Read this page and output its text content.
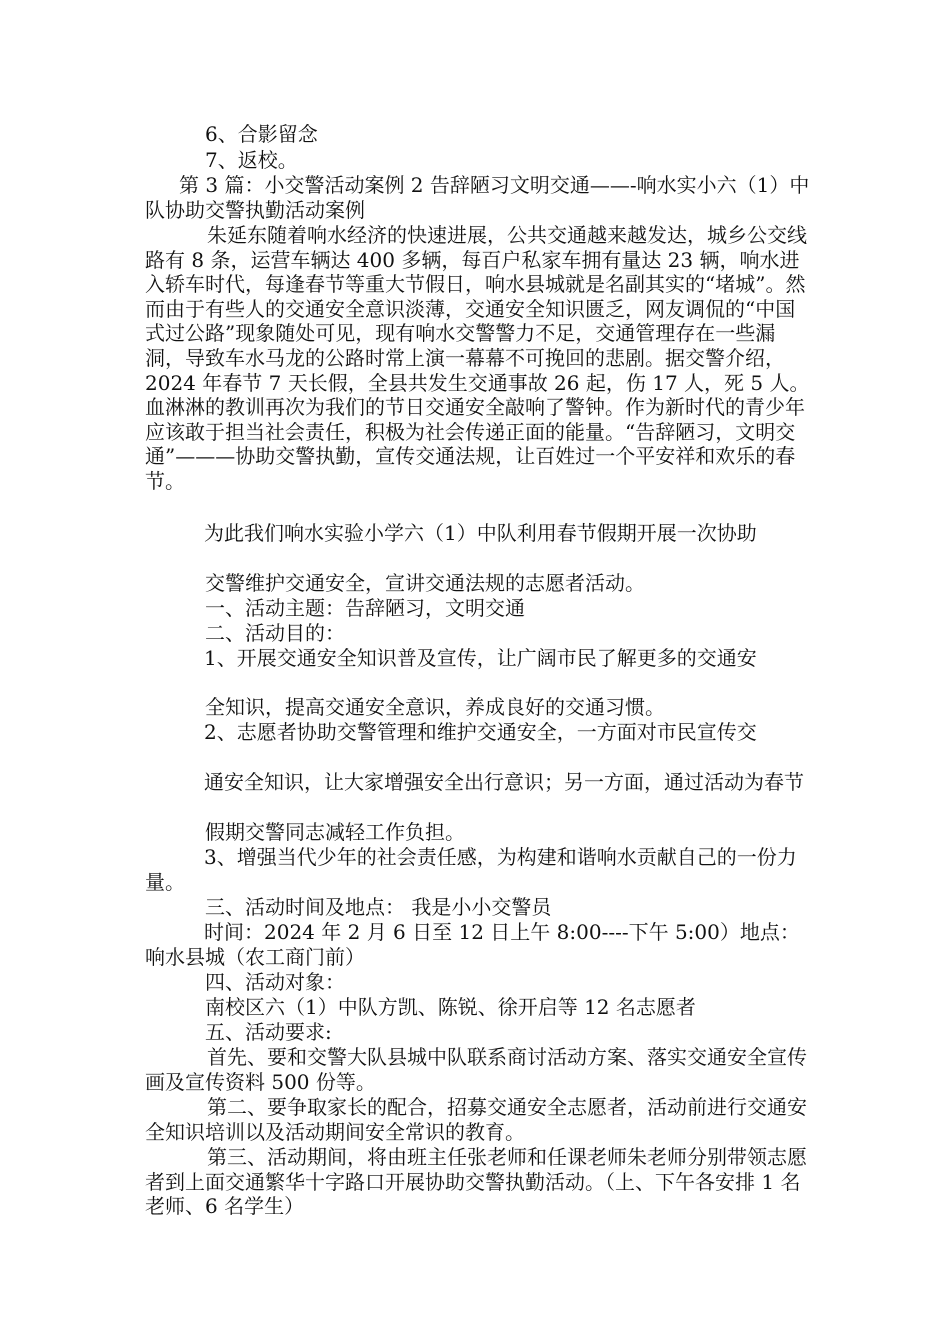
6、合影留念

7、返校。

第 3 篇：小交警活动案例 2 告辞陋习文明交通——-响水实小六（1）中队协助交警执勤活动案例

朱延东随着响水经济的快速进展，公共交通越来越发达，城乡公交线路有 8 条，运营车辆达 400 多辆，每百户私家车拥有量达 23 辆，响水进入轿车时代，每逢春节等重大节假日，响水县城就是名副其实的“堵城”。然而由于有些人的交通安全意识淡薄，交通安全知识匮乏，网友调侃的“中国式过公路”现象随处可见，现有响水交警警力不足，交通管理存在一些漏洞，导致车水马龙的公路时常上演一幕幕不可挽回的悲剧。据交警介绍，2024 年春节 7 天长假，全县共发生交通事故 26 起，伤 17 人，死 5 人。血淋淋的教训再次为我们的节日交通安全敲响了警钟。作为新时代的青少年应该敢于担当社会责任，积极为社会传递正面的能量。“告辞陋习，文明交通”———协助交警执勤，宣传交通法规，让百姓过一个平安祥和欢乐的春节。

为此我们响水实验小学六（1）中队利用春节假期开展一次协助

交警维护交通安全，宣讲交通法规的志愿者活动。

一、活动主题：告辞陋习，文明交通

二、活动目的：

1、开展交通安全知识普及宣传，让广阔市民了解更多的交通安

全知识，提高交通安全意识，养成良好的交通习惯。

2、志愿者协助交警管理和维护交通安全，一方面对市民宣传交

通安全知识，让大家增强安全出行意识；另一方面，通过活动为春节

假期交警同志减轻工作负担。

3、增强当代少年的社会责任感，为构建和谐响水贡献自己的一份力量。

三、活动时间及地点： 我是小小交警员

时间：2024 年 2 月 6 日至 12 日上午 8:00----下午 5:00）地点：响水县城（农工商门前）

四、活动对象：

南校区六（1）中队方凯、陈锐、徐开启等 12 名志愿者

五、活动要求:

首先、要和交警大队县城中队联系商讨活动方案、落实交通安全宣传画及宣传资料 500 份等。

第二、要争取家长的配合，招募交通安全志愿者，活动前进行交通安全知识培训以及活动期间安全常识的教育。

第三、活动期间，将由班主任张老师和任课老师朱老师分别带领志愿者到上面交通繁华十字路口开展协助交警执勤活动。（上、下午各安排 1 名老师、6 名学生）
